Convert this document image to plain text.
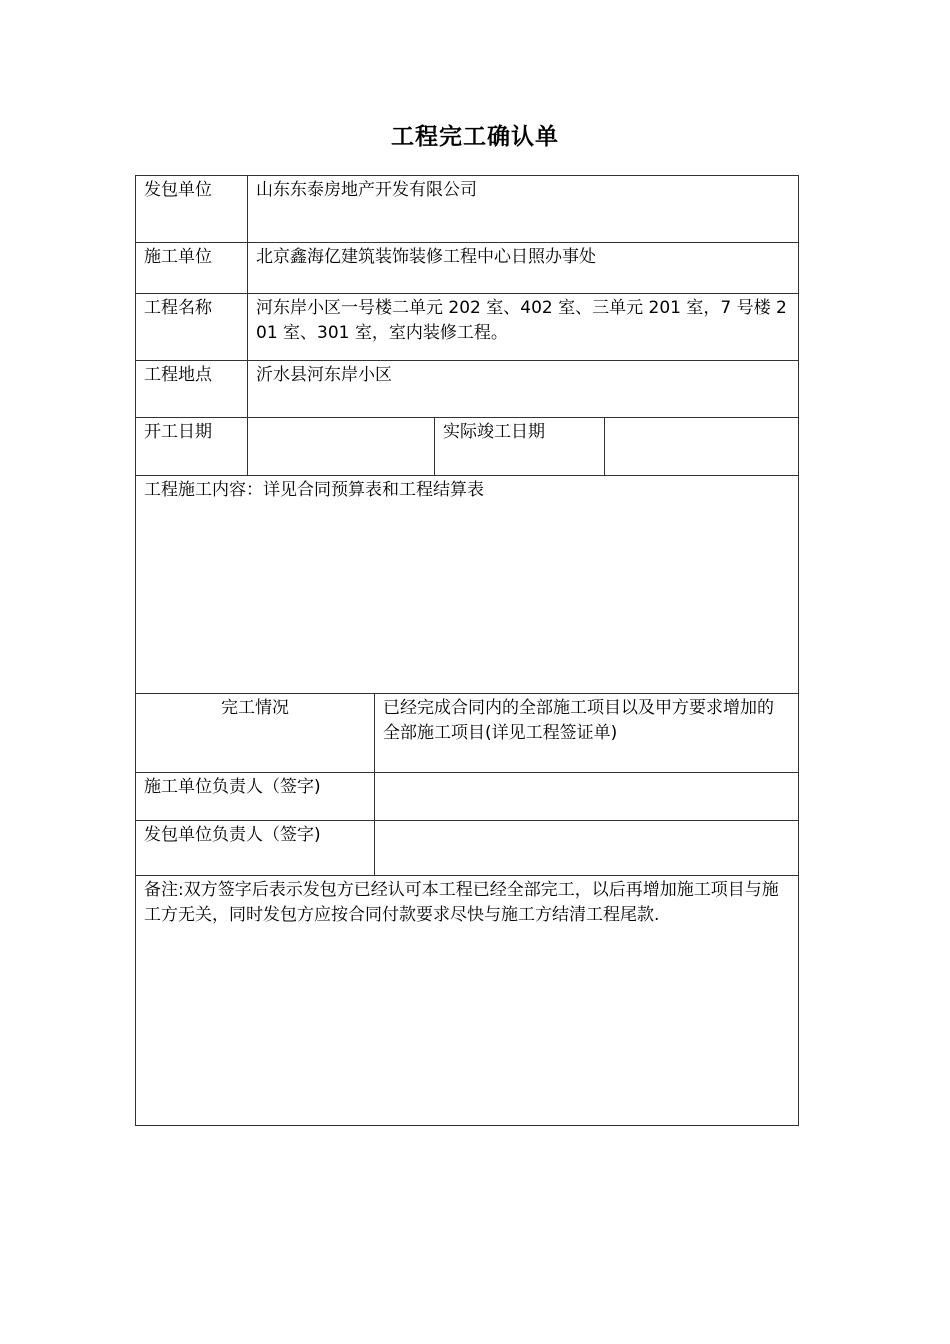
工程完工确认单
发包单位	山东东泰房地产开发有限公司			
施工单位	北京鑫海亿建筑装饰装修工程中心日照办事处			
工程名称	河东岸小区一号楼二单元 202 室、402 室、三单元 201 室，7 号楼 201 室、301 室，室内装修工程。			
工程地点	沂水县河东岸小区			
开工日期			实际竣工日期	
工程施工内容：详见合同预算表和工程结算表				
完工情况		已经完成合同内的全部施工项目以及甲方要求增加的全部施工项目(详见工程签证单)		
施工单位负责人（签字)				
发包单位负责人（签字)				
备注:双方签字后表示发包方已经认可本工程已经全部完工，以后再增加施工项目与施工方无关，同时发包方应按合同付款要求尽快与施工方结清工程尾款.				
